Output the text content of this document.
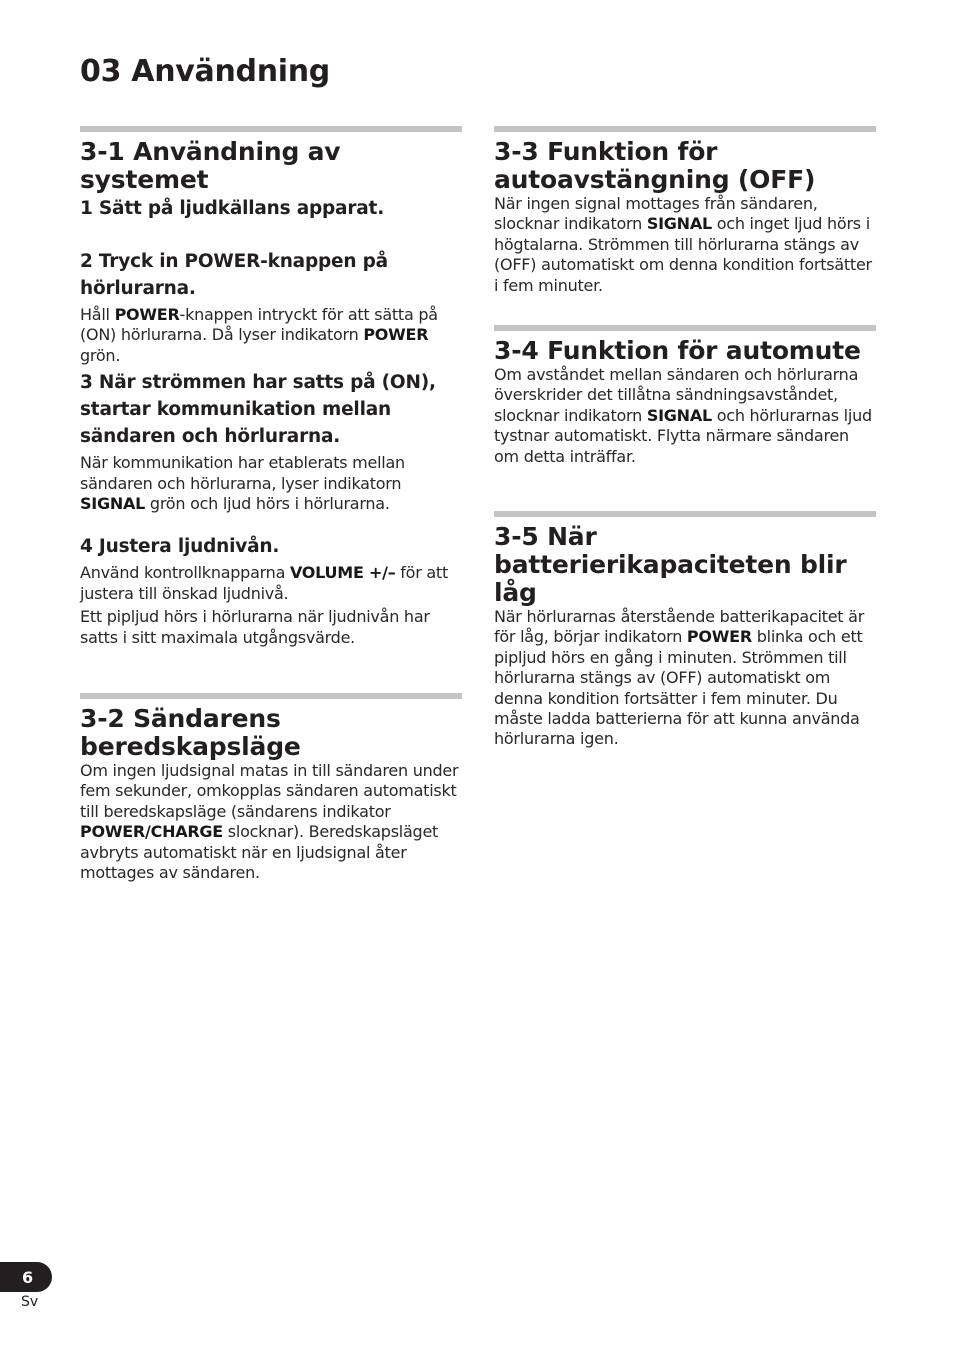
03 Användning
3-1 Användning av systemet

1 Sätt på ljudkällans apparat.

2 Tryck in POWER-knappen på hörlurarna.

Håll POWER-knappen intryckt för att sätta på (ON) hörlurarna. Då lyser indikatorn POWER grön.

3 När strömmen har satts på (ON), startar kommunikation mellan sändaren och hörlurarna.

När kommunikation har etablerats mellan sändaren och hörlurarna, lyser indikatorn SIGNAL grön och ljud hörs i hörlurarna.

4 Justera ljudnivån.

Använd kontrollknapparna VOLUME +/– för att justera till önskad ljudnivå.

Ett pipljud hörs i hörlurarna när ljudnivån har satts i sitt maximala utgångsvärde.

3-2 Sändarens beredskapsläge

Om ingen ljudsignal matas in till sändaren under fem sekunder, omkopplas sändaren automatiskt till beredskapsläge (sändarens indikator POWER/CHARGE slocknar). Beredskapsläget avbryts automatiskt när en ljudsignal åter mottages av sändaren.

3-3 Funktion för autoavstängning (OFF)

När ingen signal mottages från sändaren, slocknar indikatorn SIGNAL och inget ljud hörs i högtalarna. Strömmen till hörlurarna stängs av (OFF) automatiskt om denna kondition fortsätter i fem minuter.

3-4 Funktion för automute

Om avståndet mellan sändaren och hörlurarna överskrider det tillåtna sändningsavståndet, slocknar indikatorn SIGNAL och hörlurarnas ljud tystnar automatiskt. Flytta närmare sändaren om detta inträffar.

3-5 När batterierikapaciteten blir låg

När hörlurarnas återstående batterikapacitet är för låg, börjar indikatorn POWER blinka och ett pipljud hörs en gång i minuten. Strömmen till hörlurarna stängs av (OFF) automatiskt om denna kondition fortsätter i fem minuter. Du måste ladda batterierna för att kunna använda hörlurarna igen.

6
Sv
